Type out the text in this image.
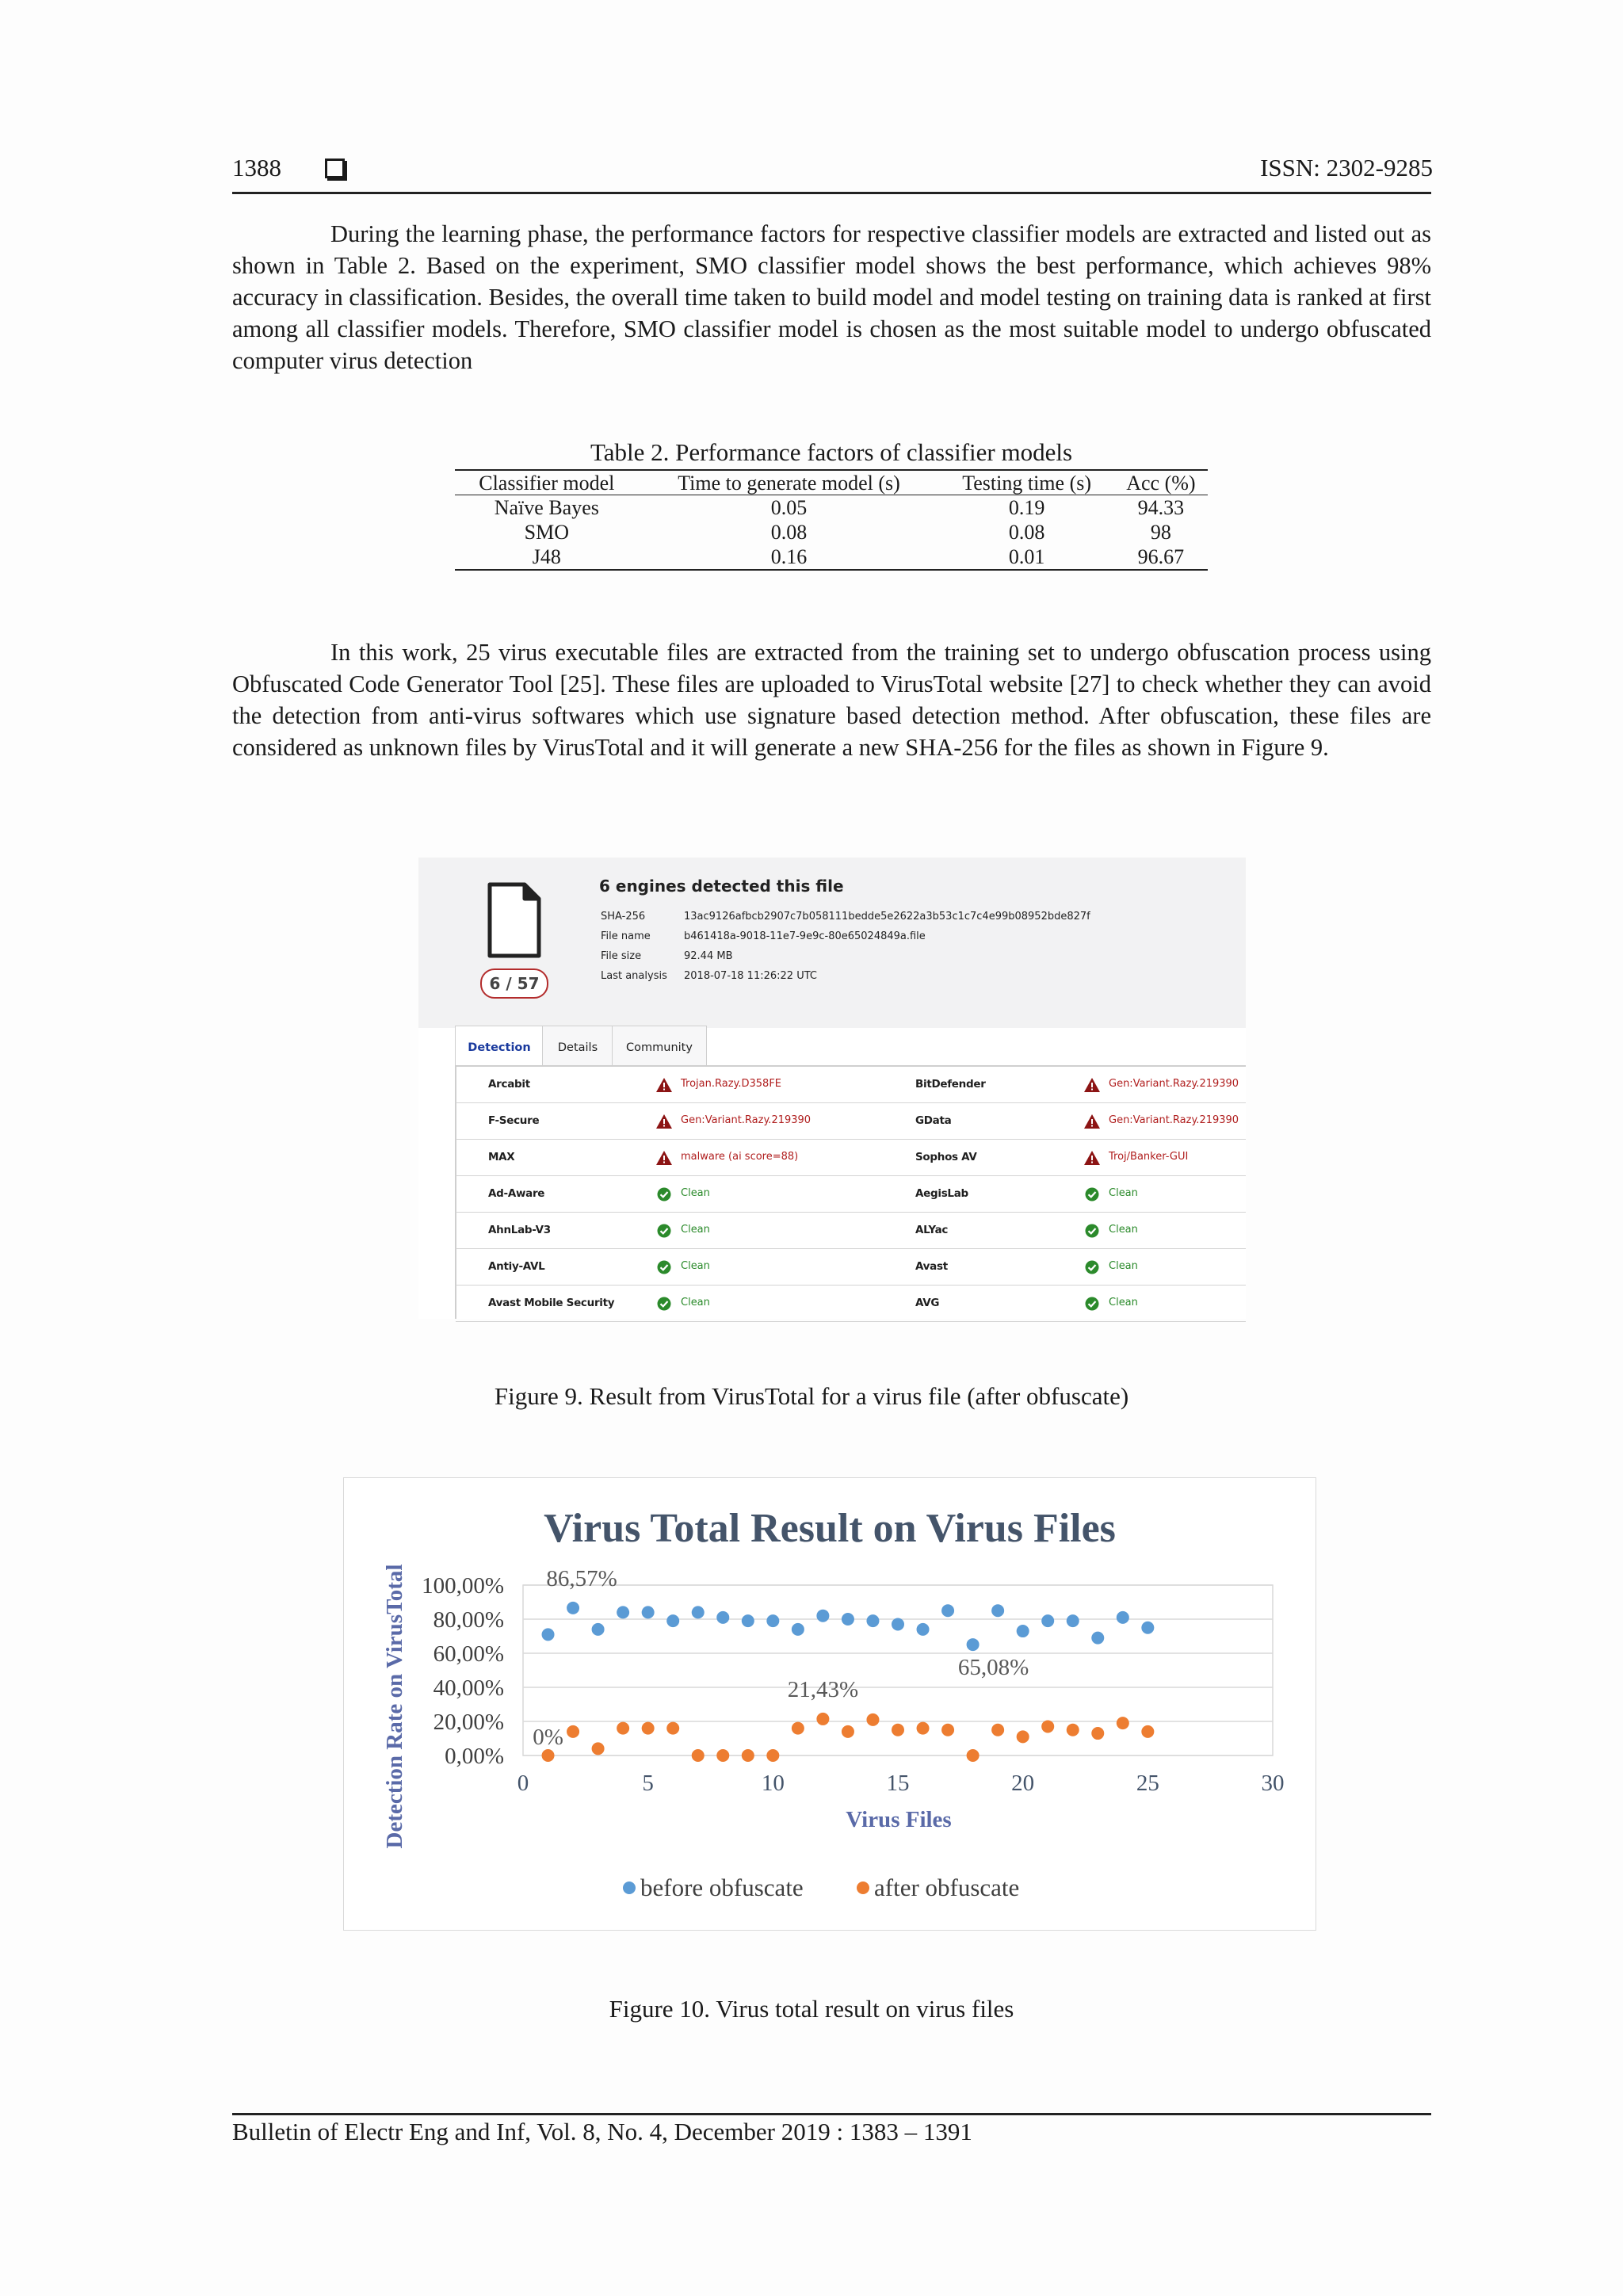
1388	ISSN: 2302-9285

During the learning phase, the performance factors for respective classifier models are extracted and listed out as shown in Table 2. Based on the experiment, SMO classifier model shows the best performance, which achieves 98% accuracy in classification. Besides, the overall time taken to build model and model testing on training data is ranked at first among all classifier models. Therefore, SMO classifier model is chosen as the most suitable model to undergo obfuscated computer virus detection

Table 2. Performance factors of classifier models
Classifier model	Time to generate model (s)	Testing time (s)	Acc (%)
Naïve Bayes	0.05	0.19	94.33
SMO	0.08	0.08	98
J48	0.16	0.01	96.67

In this work, 25 virus executable files are extracted from the training set to undergo obfuscation process using Obfuscated Code Generator Tool [25]. These files are uploaded to VirusTotal website [27] to check whether they can avoid the detection from anti-virus softwares which use signature based detection method. After obfuscation, these files are considered as unknown files by VirusTotal and it will generate a new SHA-256 for the files as shown in Figure 9.

6 / 57
6 engines detected this file
SHA-256	13ac9126afbcb2907c7b058111bedde5e2622a3b53c1c7c4e99b08952bde827f
File name	b461418a-9018-11e7-9e9c-80e65024849a.file
File size	92.44 MB
Last analysis 2018-07-18 11:26:22 UTC
Detection	Details	Community
Arcabit	Trojan.Razy.D358FE	BitDefender	Gen:Variant.Razy.219390
F-Secure	Gen:Variant.Razy.219390	GData	Gen:Variant.Razy.219390
MAX	malware (ai score=88)	Sophos AV	Troj/Banker-GUI
Ad-Aware	Clean	AegisLab	Clean
AhnLab-V3	Clean	ALYac	Clean
Antiy-AVL	Clean	Avast	Clean
Avast Mobile Security	Clean	AVG	Clean
Figure 9. Result from VirusTotal for a virus file (after obfuscate)
Virus Total Result on Virus Files
0,00%
20,00%
40,00%
60,00%
80,00%
100,00%
0	5	10	15	20	25	30
Virus Files
Detection Rate on VirusTotal	86,57%
65,08%
21,43%
0%
before obfuscate	after obfuscate
Figure 10. Virus total result on virus files
Bulletin of Electr Eng and Inf, Vol. 8, No. 4, December 2019 : 1383 – 1391
